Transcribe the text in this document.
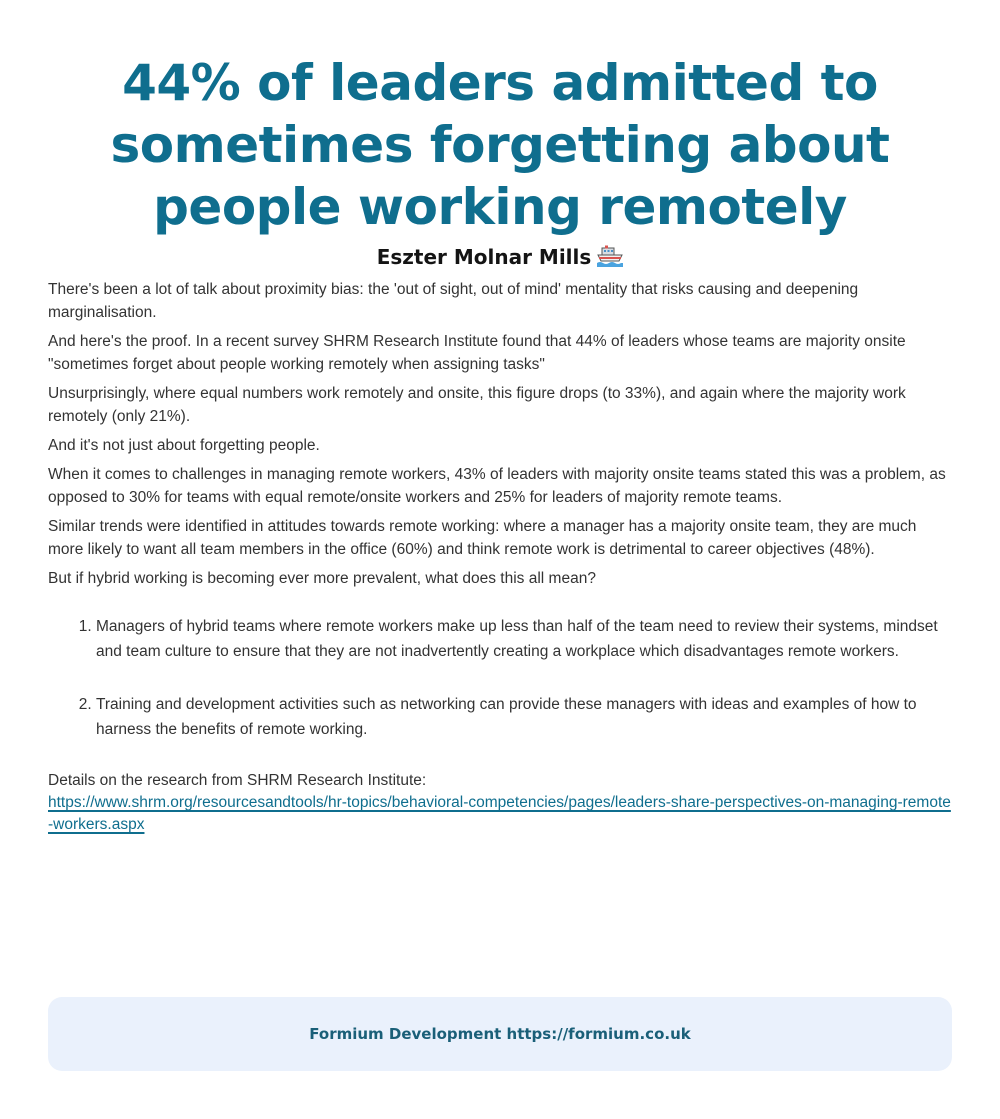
44% of leaders admitted to sometimes forgetting about people working remotely
Eszter Molnar Mills

There's been a lot of talk about proximity bias: the 'out of sight, out of mind' mentality that risks causing and deepening marginalisation.

And here's the proof. In a recent survey SHRM Research Institute found that 44% of leaders whose teams are majority onsite "sometimes forget about people working remotely when assigning tasks"

Unsurprisingly, where equal numbers work remotely and onsite, this figure drops (to 33%), and again where the majority work remotely (only 21%).

And it's not just about forgetting people.

When it comes to challenges in managing remote workers, 43% of leaders with majority onsite teams stated this was a problem, as opposed to 30% for teams with equal remote/onsite workers and 25% for leaders of majority remote teams.

Similar trends were identified in attitudes towards remote working: where a manager has a majority onsite team, they are much more likely to want all team members in the office (60%) and think remote work is detrimental to career objectives (48%).

But if hybrid working is becoming ever more prevalent, what does this all mean?

1. Managers of hybrid teams where remote workers make up less than half of the team need to review their systems, mindset and team culture to ensure that they are not inadvertently creating a workplace which disadvantages remote workers.
2. Training and development activities such as networking can provide these managers with ideas and examples of how to harness the benefits of remote working.
Details on the research from SHRM Research Institute:
https://www.shrm.org/resourcesandtools/hr-topics/behavioral-competencies/pages/leaders-share-perspectives-on-managing-remote-workers.aspx
Formium Development https://formium.co.uk
